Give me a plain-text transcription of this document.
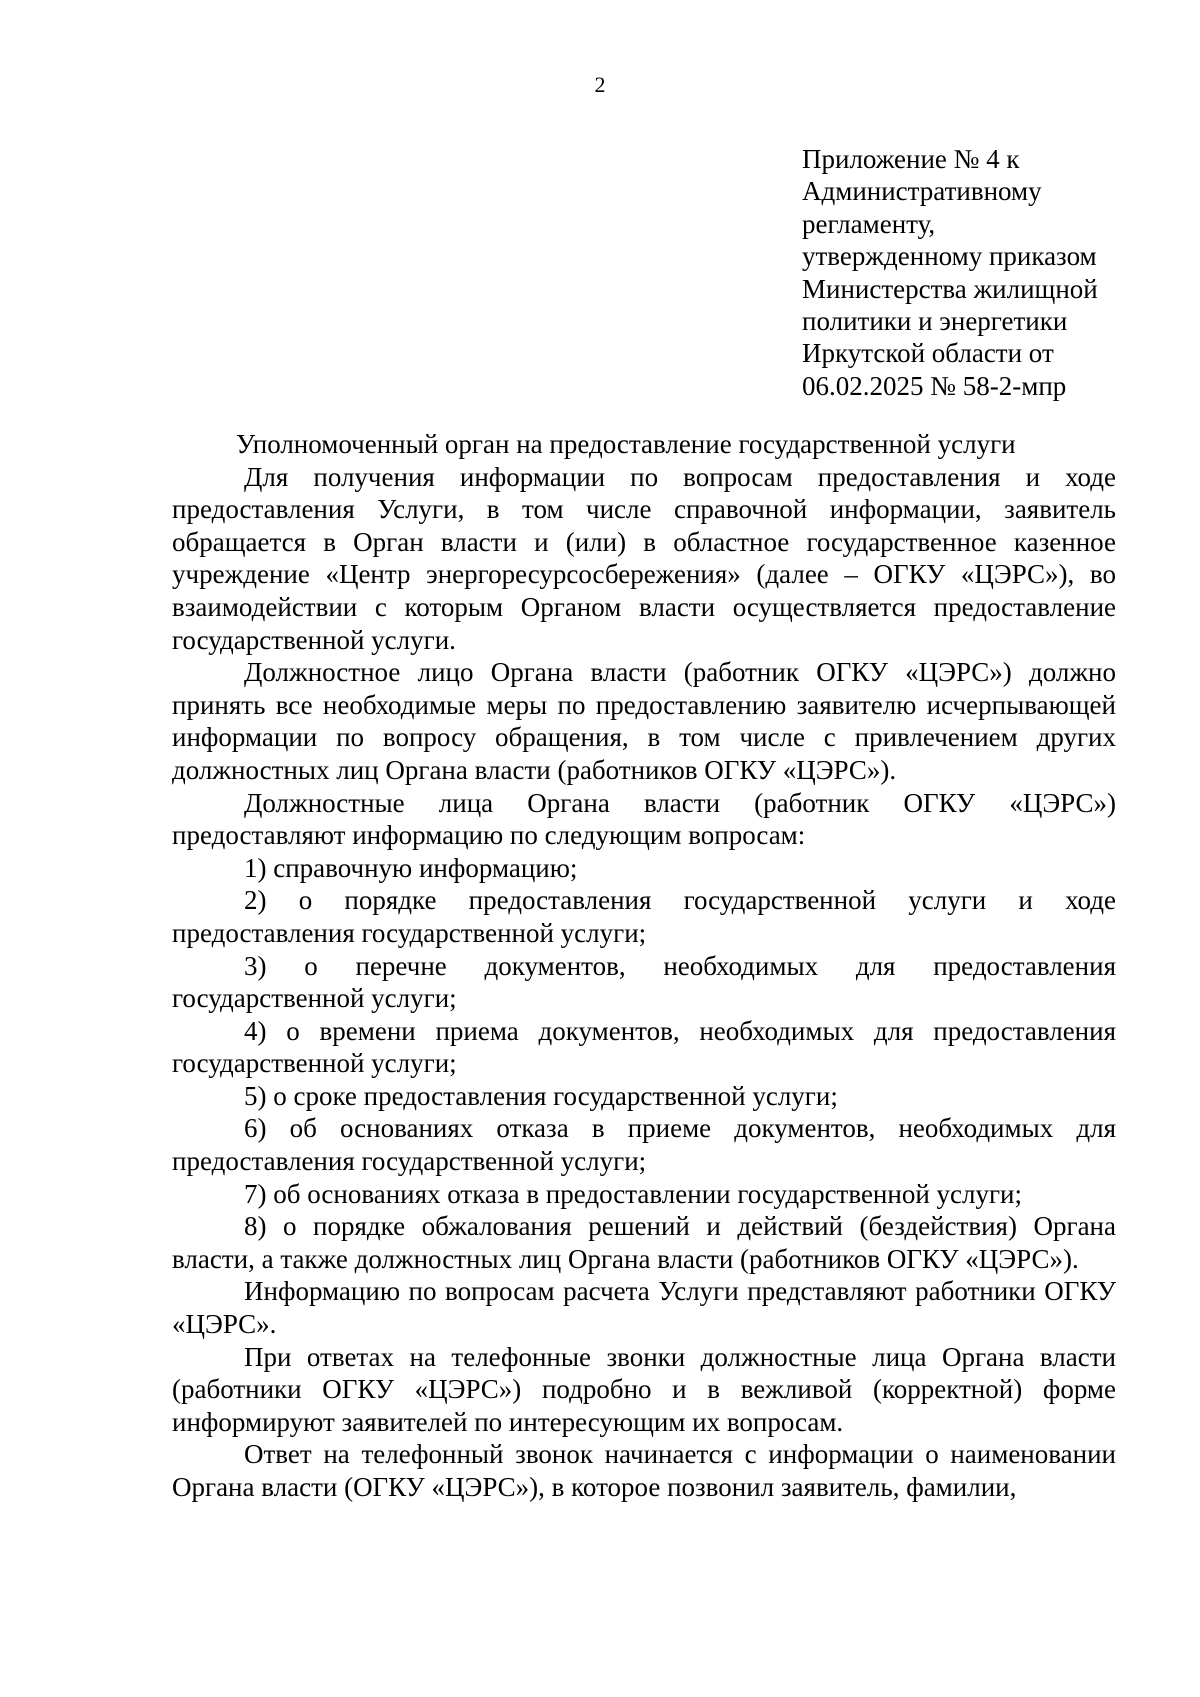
2
Приложение № 4 к
Административному
регламенту,
утвержденному приказом
Министерства жилищной
политики и энергетики
Иркутской области от
06.02.2025 № 58-2-мпр
Уполномоченный орган на предоставление государственной услуги

Для получения информации по вопросам предоставления и ходе предоставления Услуги, в том числе справочной информации, заявитель обращается в Орган власти и (или) в областное государственное казенное учреждение «Центр энергоресурсосбережения» (далее – ОГКУ «ЦЭРС»), во взаимодействии с которым Органом власти осуществляется предоставление государственной услуги.

Должностное лицо Органа власти (работник ОГКУ «ЦЭРС») должно принять все необходимые меры по предоставлению заявителю исчерпывающей информации по вопросу обращения, в том числе с привлечением других должностных лиц Органа власти (работников ОГКУ «ЦЭРС»).

Должностные лица Органа власти (работник ОГКУ «ЦЭРС») предоставляют информацию по следующим вопросам:

1) справочную информацию;

2) о порядке предоставления государственной услуги и ходе предоставления государственной услуги;

3) о перечне документов, необходимых для предоставления государственной услуги;

4) о времени приема документов, необходимых для предоставления государственной услуги;

5) о сроке предоставления государственной услуги;

6) об основаниях отказа в приеме документов, необходимых для предоставления государственной услуги;

7) об основаниях отказа в предоставлении государственной услуги;

8) о порядке обжалования решений и действий (бездействия) Органа власти, а также должностных лиц Органа власти (работников ОГКУ «ЦЭРС»).

Информацию по вопросам расчета Услуги представляют работники ОГКУ «ЦЭРС».

При ответах на телефонные звонки должностные лица Органа власти (работники ОГКУ «ЦЭРС») подробно и в вежливой (корректной) форме информируют заявителей по интересующим их вопросам.

Ответ на телефонный звонок начинается с информации о наименовании Органа власти (ОГКУ «ЦЭРС»), в которое позвонил заявитель, фамилии,
